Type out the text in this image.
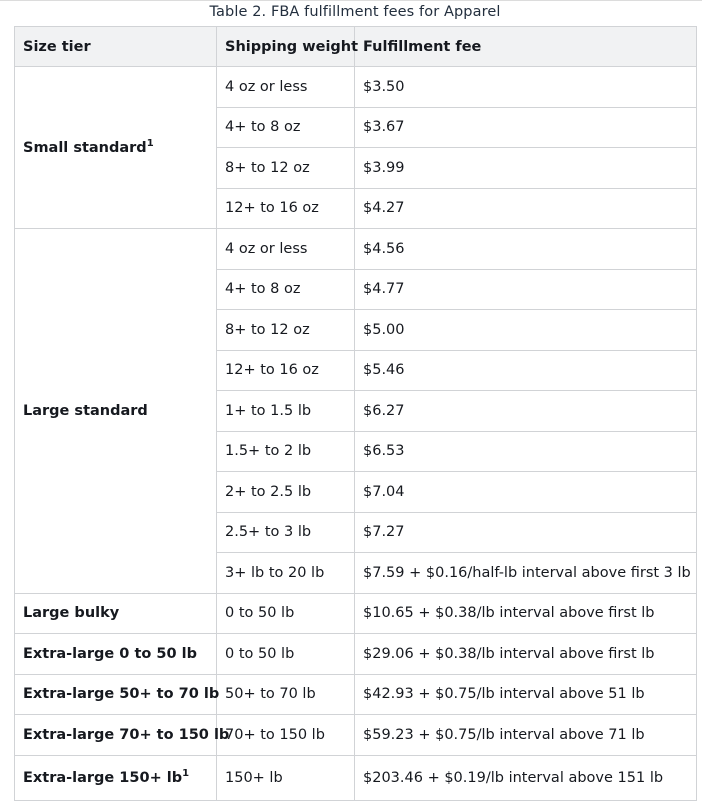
Table 2. FBA fulfillment fees for Apparel
Size tier	Shipping weight	Fulfillment fee
Small standard$^1$	4 oz or less	$3.50
	4+ to 8 oz	$3.67
	8+ to 12 oz	$3.99
	12+ to 16 oz	$4.27
Large standard	4 oz or less	$4.56
	4+ to 8 oz	$4.77
	8+ to 12 oz	$5.00
	12+ to 16 oz	$5.46
	1+ to 1.5 lb	$6.27
	1.5+ to 2 lb	$6.53
	2+ to 2.5 lb	$7.04
	2.5+ to 3 lb	$7.27
	3+ lb to 20 lb	$7.59 + $0.16/half-lb interval above first 3 lb
Large bulky	0 to 50 lb	$10.65 + $0.38/lb interval above first lb
Extra-large 0 to 50 lb	0 to 50 lb	$29.06 + $0.38/lb interval above first lb
Extra-large 50+ to 70 lb	50+ to 70 lb	$42.93 + $0.75/lb interval above 51 lb
Extra-large 70+ to 150 lb	70+ to 150 lb	$59.23 + $0.75/lb interval above 71 lb
Extra-large $150+ lb^1$	150+ lb	$203.46 + $0.19/lb interval above 151 lb
